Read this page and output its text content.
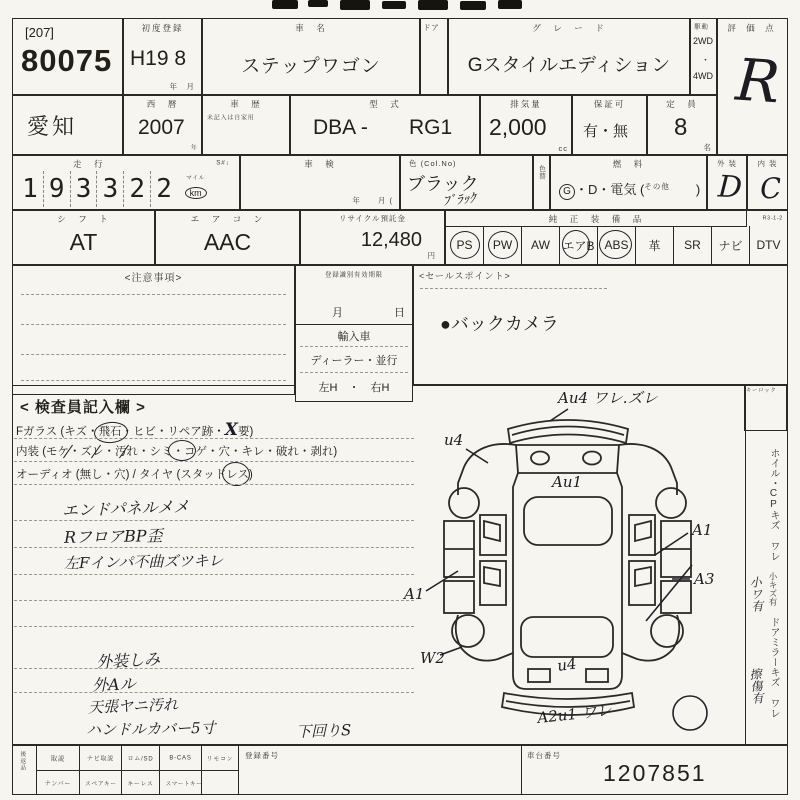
[207]
80075
初度登録
H19 8
年　月
車　名
ステップワゴン
ドア	グ　レ　ー　ド
Gスタイルエディション
駆動
2WD
・
4WD
愛知
西　暦
2007
年
車　歴
未記入は自家用
型　式
DBA - RG1
排気量
2,000
cc
保証可
有・無
定　員
8
名
評 価 点
R
走　行	S#↓
1 9 3 3 2 2	マイル
km
車　検
年　　月 (
色 (Col.No)
ブラック
ﾌﾞﾗｯｸ
色替
燃　料
G ・D・電気 ($^{その他}$ )
外 装
D
内 装
C
シ　フ　ト
AT
エ　ア　コ　ン
AAC
リサイクル預託金
12,480
円
純　正　装　備　品	R3-1-2
PS PW AW エアB ABS 革 SR ナビ DTV
<注意事項>	登録識別有効期限
月	日
輸入車
ディーラー・並行
左H　・　右H
<セールスポイント>
●バックカメラ
< 検査員記入欄 >
Fガラス (キズ・飛石
・ヒビ・リペア跡・X要)
内装 (モケ・ズレ・汚れ・シミ・コゲ・穴・キレ・破れ・剥れ)
オーディオ (無し・穴) / タイヤ (スタッドレス)
エンドパネルメメ
RフロアBP歪
左Fインパ不曲ズツキレ
外装しみ
外Aル
天張ヤニ汚れ
ハンドルカバー5寸	下回りS
Au4 ワレ.ズレ
u4
Au1
A1
A3
A1
W2	u4
A2u1 ワレ
キーロック
ホイル・CPキズ ワレ 小キズ有 ドアミラーキズ ワレ
小ワ有
擦傷有
後返品	取説	ナビ取説	ロム/SD	B-CAS	リモコン
ナンバー	スペアキー キーレス スマートキー
登録番号	車台番号
1207851
